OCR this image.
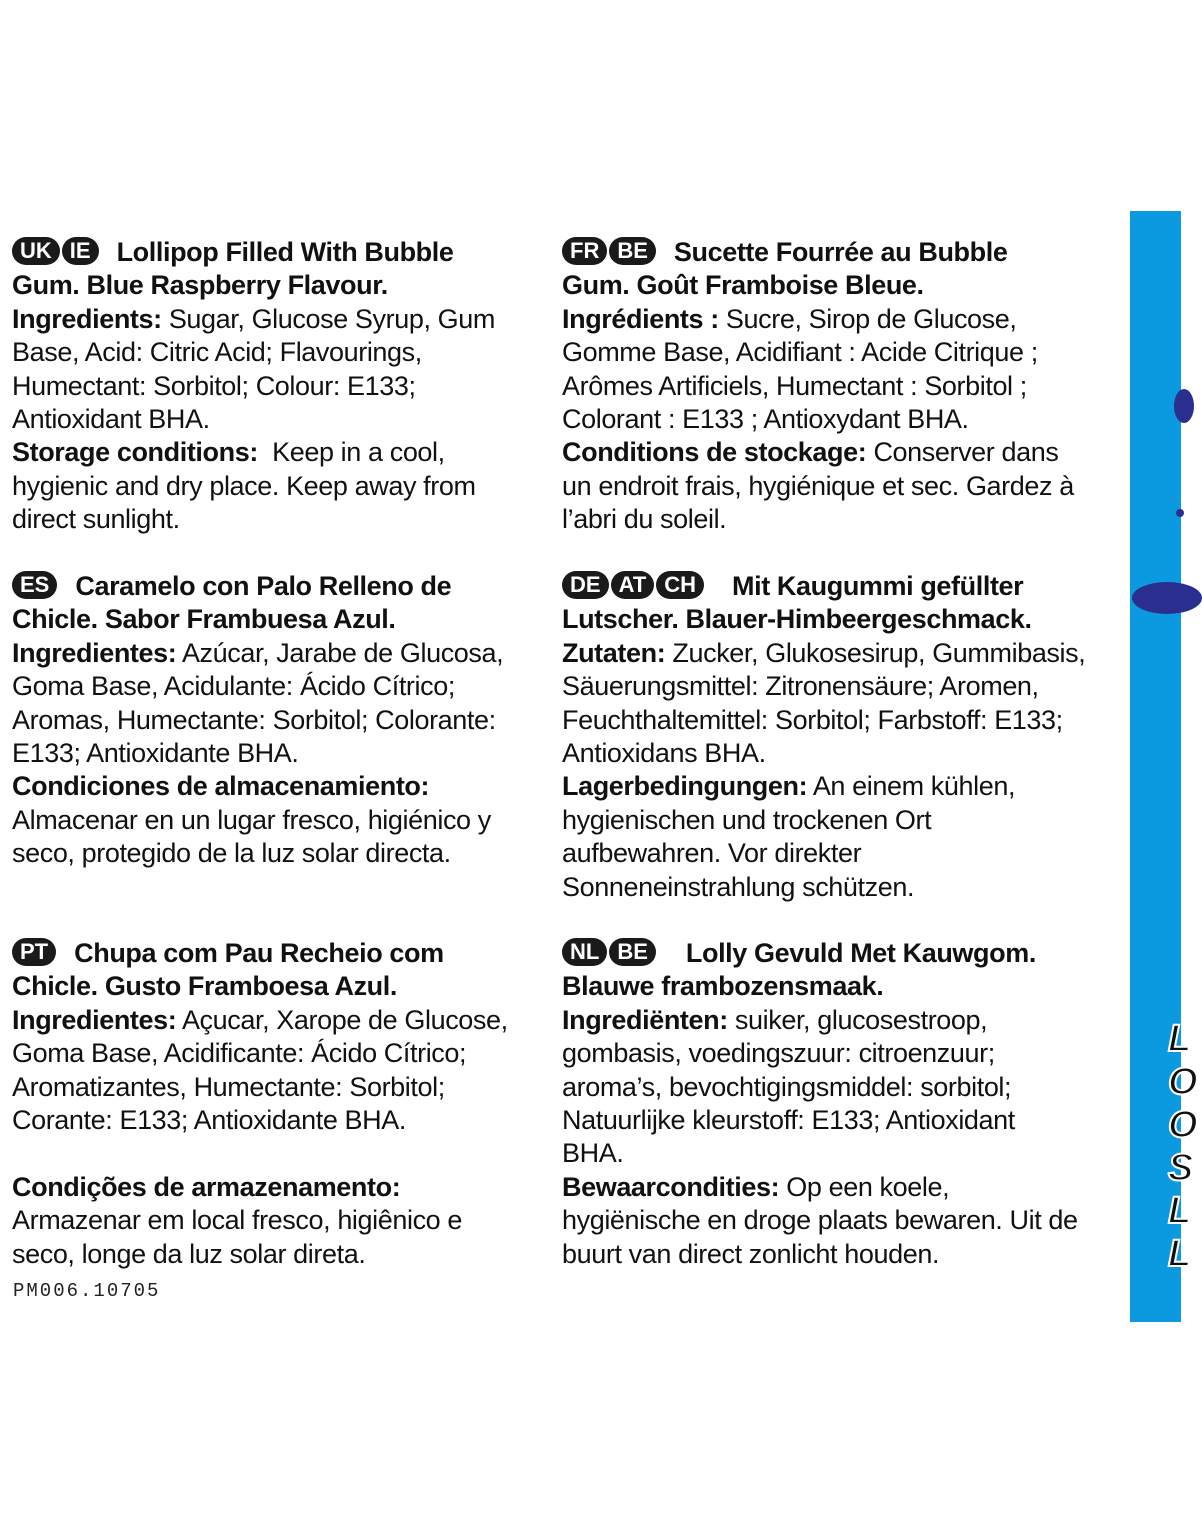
UK IE Lollipop Filled With Bubble
Gum. Blue Raspberry Flavour.
Ingredients: Sugar, Glucose Syrup, Gum
Base, Acid: Citric Acid; Flavourings,
Humectant: Sorbitol; Colour: E133;
Antioxidant BHA.
Storage conditions:  Keep in a cool,
hygienic and dry place. Keep away from
direct sunlight.
FR BE Sucette Fourrée au Bubble
Gum. Goût Framboise Bleue.
Ingrédients : Sucre, Sirop de Glucose,
Gomme Base, Acidifiant : Acide Citrique ;
Arômes Artificiels, Humectant : Sorbitol ;
Colorant : E133 ; Antioxydant BHA.
Conditions de stockage: Conserver dans
un endroit frais, hygiénique et sec. Gardez à
l’abri du soleil.
ES Caramelo con Palo Relleno de
Chicle. Sabor Frambuesa Azul.
Ingredientes: Azúcar, Jarabe de Glucosa,
Goma Base, Acidulante: Ácido Cítrico;
Aromas, Humectante: Sorbitol; Colorante:
E133; Antioxidante BHA.
Condiciones de almacenamiento:
Almacenar en un lugar fresco, higiénico y
seco, protegido de la luz solar directa.
DE AT CH Mit Kaugummi gefüllter
Lutscher. Blauer-Himbeergeschmack.
Zutaten: Zucker, Glukosesirup, Gummibasis,
Säuerungsmittel: Zitronensäure; Aromen,
Feuchthaltemittel: Sorbitol; Farbstoff: E133;
Antioxidans BHA.
Lagerbedingungen: An einem kühlen,
hygienischen und trockenen Ort
aufbewahren. Vor direkter
Sonneneinstrahlung schützen.
PT Chupa com Pau Recheio com
Chicle. Gusto Framboesa Azul.
Ingredientes: Açucar, Xarope de Glucose,
Goma Base, Acidificante: Ácido Cítrico;
Aromatizantes, Humectante: Sorbitol;
Corante: E133; Antioxidante BHA.

Condições de armazenamento:
Armazenar em local fresco, higiênico e
seco, longe da luz solar direta.
NL BE Lolly Gevuld Met Kauwgom.
Blauwe frambozensmaak.
Ingrediënten: suiker, glucosestroop,
gombasis, voedingszuur: citroenzuur;
aroma’s, bevochtigingsmiddel: sorbitol;
Natuurlijke kleurstoff: E133; Antioxidant
BHA.
Bewaarcondities: Op een koele,
hygiënische en droge plaats bewaren. Uit de
buurt van direct zonlicht houden.
PM006.10705
L
O
O
S
L
L
